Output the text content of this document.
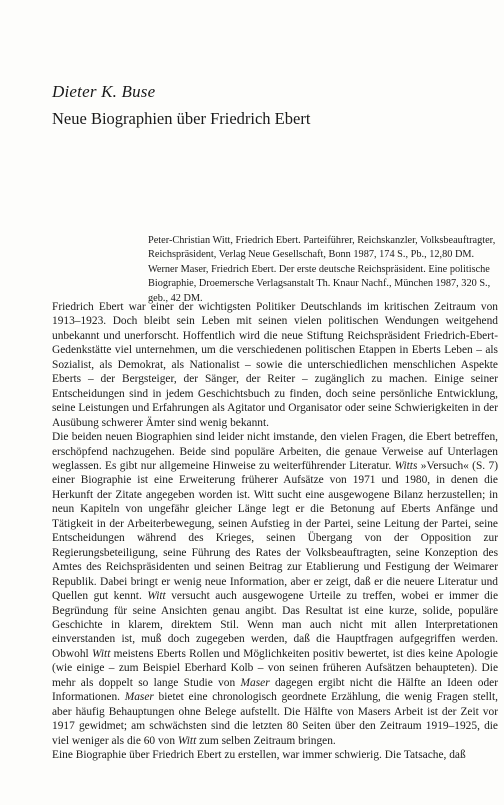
Dieter K. Buse
Neue Biographien über Friedrich Ebert

Peter-Christian Witt, Friedrich Ebert. Parteiführer, Reichskanzler, Volksbeauftragter, Reichspräsident, Verlag Neue Gesellschaft, Bonn 1987, 174 S., Pb., 12,80 DM.

Werner Maser, Friedrich Ebert. Der erste deutsche Reichspräsident. Eine politische Biographie, Droemersche Verlagsanstalt Th. Knaur Nachf., München 1987, 320 S., geb., 42 DM.

Friedrich Ebert war einer der wichtigsten Politiker Deutschlands im kritischen Zeitraum von 1913–1923. Doch bleibt sein Leben mit seinen vielen politischen Wendungen weitgehend unbekannt und unerforscht. Hoffentlich wird die neue Stiftung Reichspräsident Friedrich-Ebert-Gedenkstätte viel unternehmen, um die verschiedenen politischen Etappen in Eberts Leben – als Sozialist, als Demokrat, als Nationalist – sowie die unterschiedlichen menschlichen Aspekte Eberts – der Bergsteiger, der Sänger, der Reiter – zugänglich zu machen. Einige seiner Entscheidungen sind in jedem Geschichtsbuch zu finden, doch seine persönliche Entwicklung, seine Leistungen und Erfahrungen als Agitator und Organisator oder seine Schwierigkeiten in der Ausübung schwerer Ämter sind wenig bekannt.

Die beiden neuen Biographien sind leider nicht imstande, den vielen Fragen, die Ebert betreffen, erschöpfend nachzugehen. Beide sind populäre Arbeiten, die genaue Verweise auf Unterlagen weglassen. Es gibt nur allgemeine Hinweise zu weiterführender Literatur. Witts »Versuch« (S. 7) einer Biographie ist eine Erweiterung früherer Aufsätze von 1971 und 1980, in denen die Herkunft der Zitate angegeben worden ist. Witt sucht eine ausgewogene Bilanz herzustellen; in neun Kapiteln von ungefähr gleicher Länge legt er die Betonung auf Eberts Anfänge und Tätigkeit in der Arbeiterbewegung, seinen Aufstieg in der Partei, seine Leitung der Partei, seine Entscheidungen während des Krieges, seinen Übergang von der Opposition zur Regierungsbeteiligung, seine Führung des Rates der Volksbeauftragten, seine Konzeption des Amtes des Reichspräsidenten und seinen Beitrag zur Etablierung und Festigung der Weimarer Republik. Dabei bringt er wenig neue Information, aber er zeigt, daß er die neuere Literatur und Quellen gut kennt. Witt versucht auch ausgewogene Urteile zu treffen, wobei er immer die Begründung für seine Ansichten genau angibt. Das Resultat ist eine kurze, solide, populäre Geschichte in klarem, direktem Stil. Wenn man auch nicht mit allen Interpretationen einverstanden ist, muß doch zugegeben werden, daß die Hauptfragen aufgegriffen werden. Obwohl Witt meistens Eberts Rollen und Möglichkeiten positiv bewertet, ist dies keine Apologie (wie einige – zum Beispiel Eberhard Kolb – von seinen früheren Aufsätzen behaupteten). Die mehr als doppelt so lange Studie von Maser dagegen ergibt nicht die Hälfte an Ideen oder Informationen. Maser bietet eine chronologisch geordnete Erzählung, die wenig Fragen stellt, aber häufig Behauptungen ohne Belege aufstellt. Die Hälfte von Masers Arbeit ist der Zeit vor 1917 gewidmet; am schwächsten sind die letzten 80 Seiten über den Zeitraum 1919–1925, die viel weniger als die 60 von Witt zum selben Zeitraum bringen.

Eine Biographie über Friedrich Ebert zu erstellen, war immer schwierig. Die Tatsache, daß
